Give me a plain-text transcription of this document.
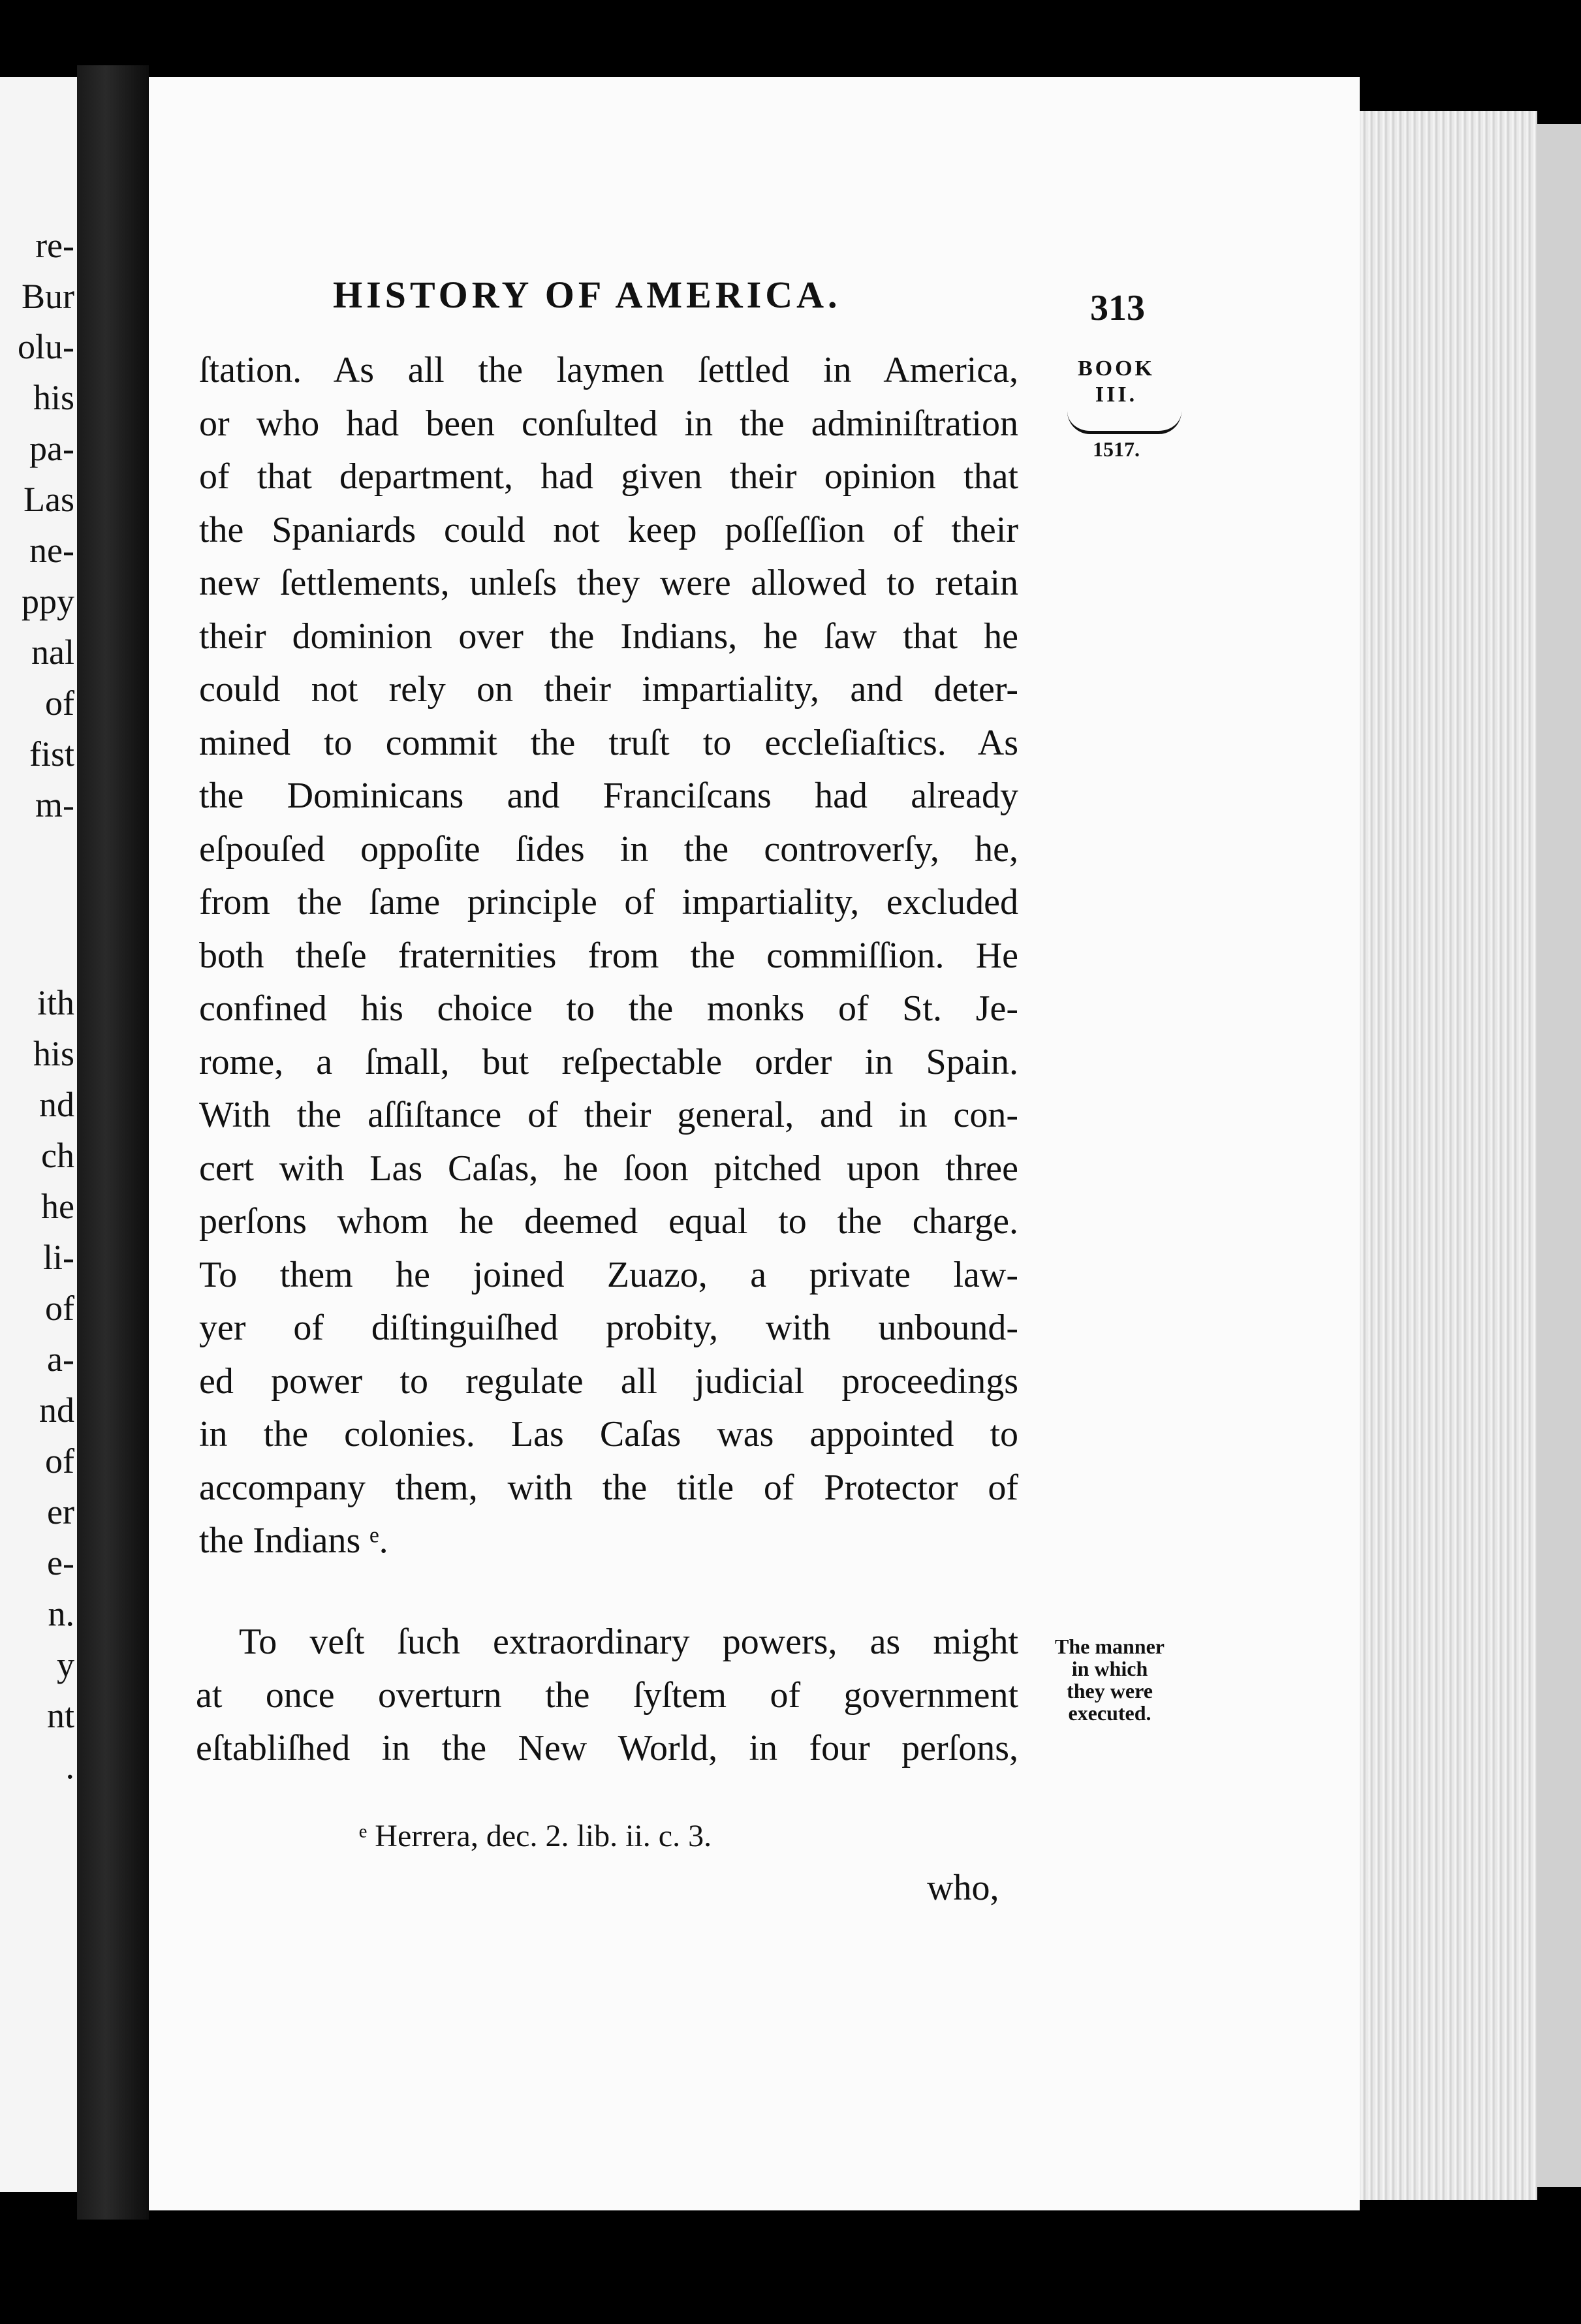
re-
Bur
olu-
his
pa-
Las
ne-
ppy
nal
of
fist
m-
ith
his
nd
ch
he
li-
of
a-
nd
of
er
e-
n.
y
nt
.
HISTORY OF AMERICA.	313
BOOK
III.
1517.
ſtation. As all the laymen ſettled in America,
or who had been conſulted in the adminiſtration
of that department, had given their opinion that
the Spaniards could not keep poſſeſſion of their
new ſettlements, unleſs they were allowed to retain
their dominion over the Indians, he ſaw that he
could not rely on their impartiality, and deter-
mined to commit the truſt to eccleſiaſtics. As
the Dominicans and Franciſcans had already
eſpouſed oppoſite ſides in the controverſy, he,
from the ſame principle of impartiality, excluded
both theſe fraternities from the commiſſion. He
confined his choice to the monks of St. Je-
rome, a ſmall, but reſpectable order in Spain.
With the aſſiſtance of their general, and in con-
cert with Las Caſas, he ſoon pitched upon three
perſons whom he deemed equal to the charge.
To them he joined Zuazo, a private law-
yer of diſtinguiſhed probity, with unbound-
ed power to regulate all judicial proceedings
in the colonies. Las Caſas was appointed to
accompany them, with the title of Protector of
the Indians ᵉ.
To veſt ſuch extraordinary powers, as might
at once overturn the ſyſtem of government
eſtabliſhed in the New World, in four perſons,
The manner
in which
they were
executed.
ᵉ Herrera, dec. 2. lib. ii. c. 3.
who,
